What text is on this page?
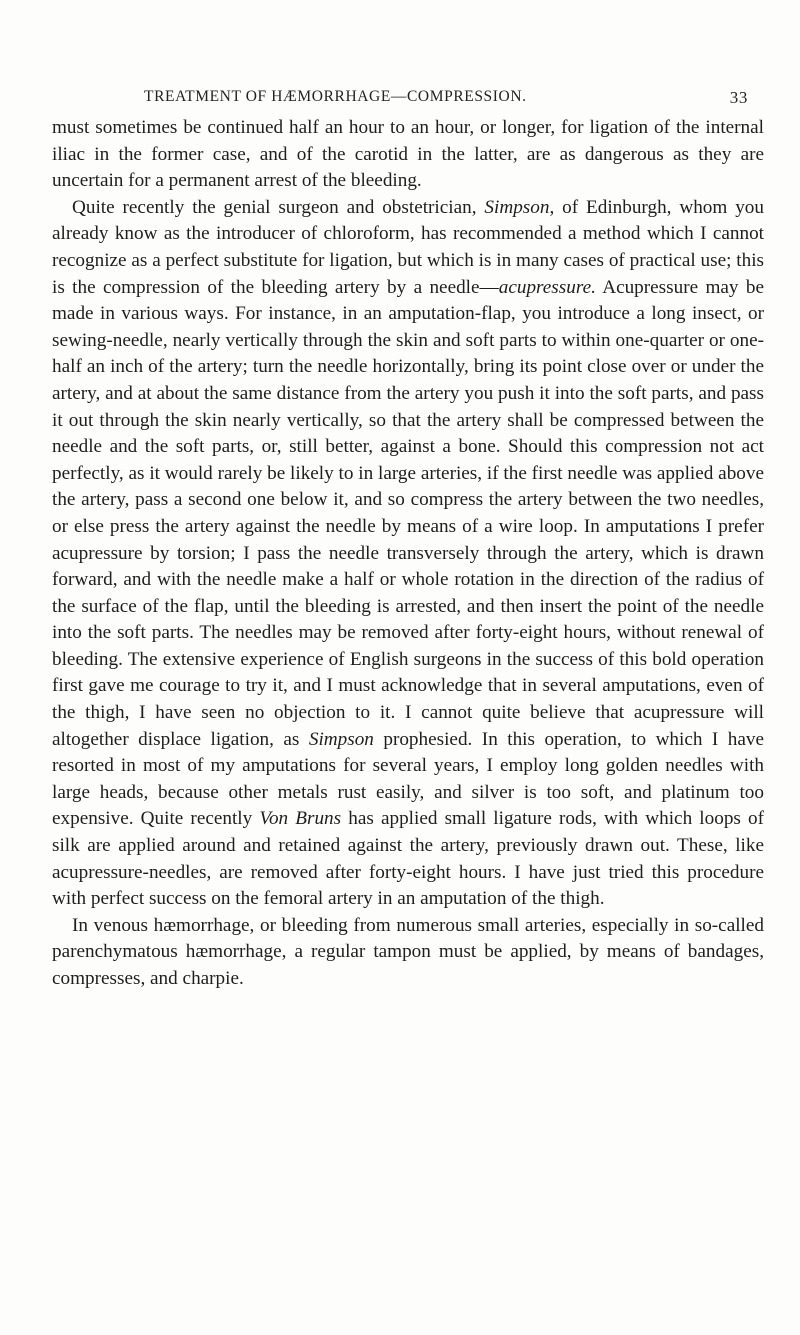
TREATMENT OF HÆMORRHAGE—COMPRESSION.	33

must sometimes be continued half an hour to an hour, or longer, for ligation of the internal iliac in the former case, and of the carotid in the latter, are as dangerous as they are uncertain for a permanent arrest of the bleeding.

Quite recently the genial surgeon and obstetrician, Simpson, of Edinburgh, whom you already know as the introducer of chloroform, has recommended a method which I cannot recognize as a perfect substitute for ligation, but which is in many cases of practical use; this is the compression of the bleeding artery by a needle—acupressure. Acupressure may be made in various ways. For instance, in an amputation-flap, you introduce a long insect, or sewing-needle, nearly vertically through the skin and soft parts to within one-quarter or one-half an inch of the artery; turn the needle horizontally, bring its point close over or under the artery, and at about the same distance from the artery you push it into the soft parts, and pass it out through the skin nearly vertically, so that the artery shall be compressed between the needle and the soft parts, or, still better, against a bone. Should this compression not act perfectly, as it would rarely be likely to in large arteries, if the first needle was applied above the artery, pass a second one below it, and so compress the artery between the two needles, or else press the artery against the needle by means of a wire loop. In amputations I prefer acupressure by torsion; I pass the needle transversely through the artery, which is drawn forward, and with the needle make a half or whole rotation in the direction of the radius of the surface of the flap, until the bleeding is arrested, and then insert the point of the needle into the soft parts. The needles may be removed after forty-eight hours, without renewal of bleeding. The extensive experience of English surgeons in the success of this bold operation first gave me courage to try it, and I must acknowledge that in several amputations, even of the thigh, I have seen no objection to it. I cannot quite believe that acupressure will altogether displace ligation, as Simpson prophesied. In this operation, to which I have resorted in most of my amputations for several years, I employ long golden needles with large heads, because other metals rust easily, and silver is too soft, and platinum too expensive. Quite recently Von Bruns has applied small ligature rods, with which loops of silk are applied around and retained against the artery, previously drawn out. These, like acupressure-needles, are removed after forty-eight hours. I have just tried this procedure with perfect success on the femoral artery in an amputation of the thigh.

In venous hæmorrhage, or bleeding from numerous small arteries, especially in so-called parenchymatous hæmorrhage, a regular tampon must be applied, by means of bandages, compresses, and charpie.
